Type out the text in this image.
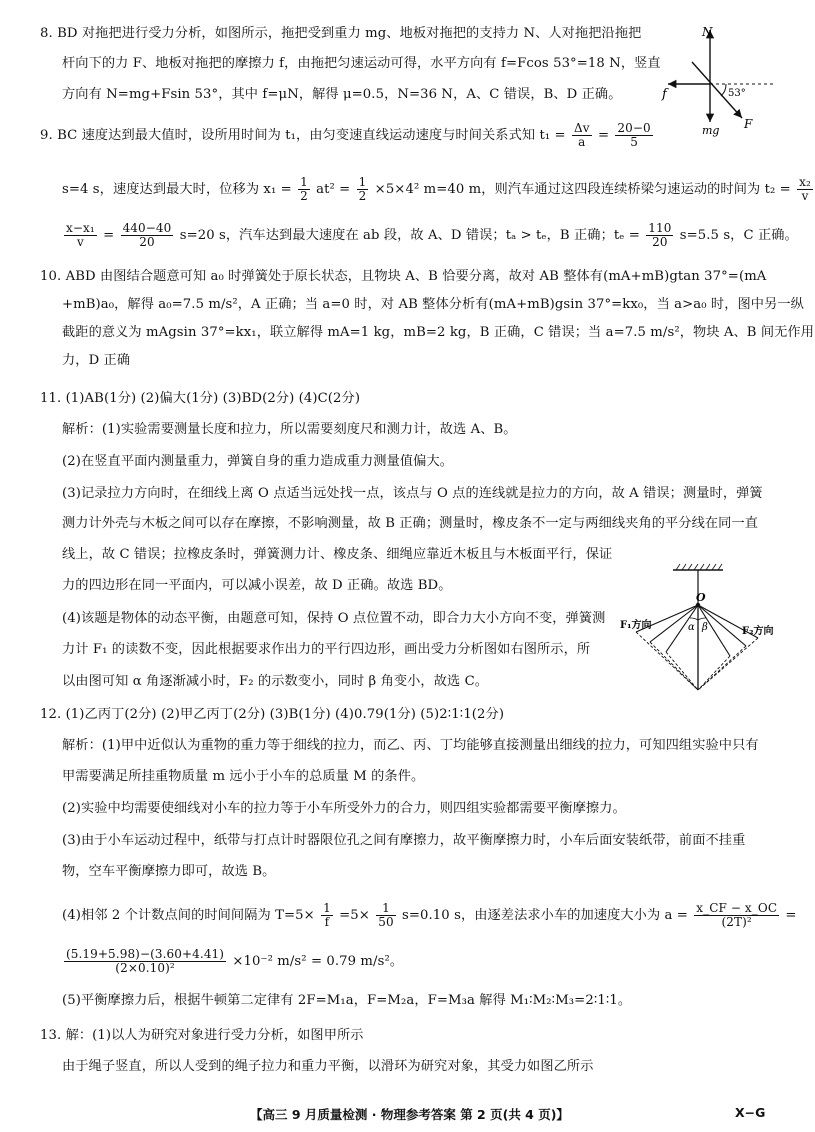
8. BD 对拖把进行受力分析，如图所示，拖把受到重力 mg、地板对拖把的支持力 N、人对拖把沿拖把
杆向下的力 F、地板对拖把的摩擦力 f，由拖把匀速运动可得，水平方向有 f=Fcos 53°=18 N，竖直
方向有 N=mg+Fsin 53°，其中 f=μN，解得 μ=0.5，N=36 N，A、C 错误，B、D 正确。
N
f
F
mg
53°
9. BC 速度达到最大值时，设所用时间为 t₁，由匀变速直线运动速度与时间关系式知 $t_1 = \frac{\Delta v}{a} = \frac{20-0}{5}$
s=4 s，速度达到最大时，位移为 $x_1 = \frac{1}{2} at^2 = \frac{1}{2} \times 5\times 4^2$ m=40 m，则汽车通过这四段连续桥梁匀速运动的时间为 $t_2 = \frac{\text{x₂}}{v}$
$\frac{\text{x−x₁}}{v} = \frac{440-40}{20} s=20$ s，汽车达到最大速度在 ab 段，故 A、D 错误；tₐ > tₑ，B 正确；$t_e = \frac{110}{20} s=5.5$ s，C 正确。
10. ABD 由图结合题意可知 a₀ 时弹簧处于原长状态，且物块 A、B 恰要分离，故对 AB 整体有(mA+mB)gtan 37°=(mA
+mB)a₀，解得 a₀=7.5 m/s²，A 正确；当 a=0 时，对 AB 整体分析有(mA+mB)gsin 37°=kx₀，当 a>a₀ 时，图中另一纵
截距的意义为 mAgsin 37°=kx₁，联立解得 mA=1 kg，mB=2 kg，B 正确，C 错误；当 a=7.5 m/s²，物块 A、B 间无作用
力，D 正确
11. (1)AB(1分) (2)偏大(1分) (3)BD(2分) (4)C(2分)
解析：(1)实验需要测量长度和拉力，所以需要刻度尺和测力计，故选 A、B。
(2)在竖直平面内测量重力，弹簧自身的重力造成重力测量值偏大。
(3)记录拉力方向时，在细线上离 O 点适当远处找一点，该点与 O 点的连线就是拉力的方向，故 A 错误；测量时，弹簧
测力计外壳与木板之间可以存在摩擦，不影响测量，故 B 正确；测量时，橡皮条不一定与两细线夹角的平分线在同一直
线上，故 C 错误；拉橡皮条时，弹簧测力计、橡皮条、细绳应靠近木板且与木板面平行，保证
力的四边形在同一平面内，可以减小误差，故 D 正确。故选 BD。
(4)该题是物体的动态平衡，由题意可知，保持 O 点位置不动，即合力大小方向不变，弹簧测
力计 F₁ 的读数不变，因此根据要求作出力的平行四边形，画出受力分析图如右图所示，所
以由图可知 α 角逐渐减小时，F₂ 的示数变小，同时 β 角变小，故选 C。
O
α β
F₁方向
F₂方向
12. (1)乙丙丁(2分) (2)甲乙丙丁(2分) (3)B(1分) (4)0.79(1分) (5)2∶1∶1(2分)
解析：(1)甲中近似认为重物的重力等于细线的拉力，而乙、丙、丁均能够直接测量出细线的拉力，可知四组实验中只有
甲需要满足所挂重物质量 m 远小于小车的总质量 M 的条件。
(2)实验中均需要使细线对小车的拉力等于小车所受外力的合力，则四组实验都需要平衡摩擦力。
(3)由于小车运动过程中，纸带与打点计时器限位孔之间有摩擦力，故平衡摩擦力时，小车后面安装纸带，前面不挂重
物，空车平衡摩擦力即可，故选 B。
(4)相邻 2 个计数点间的时间间隔为 $T=5\times \frac{1}{f} =5\times \frac{1}{50} s=0.10$ s，由逐差法求小车的加速度大小为 $a = \frac{x\_CF - x\_OC}{\text{(2T)²}}$ =
$\frac{(5.19+5.98)-(3.60+4.41)}{\text{(2×0.10)²}} \times 10^{-2}$ m/s² = 0.79 m/s²。
(5)平衡摩擦力后，根据牛顿第二定律有 2F=M₁a，F=M₂a，F=M₃a 解得 M₁∶M₂∶M₃=2∶1∶1。
13. 解：(1)以人为研究对象进行受力分析，如图甲所示
由于绳子竖直，所以人受到的绳子拉力和重力平衡，以滑环为研究对象，其受力如图乙所示
【高三 9 月质量检测 · 物理参考答案 第 2 页(共 4 页)】	X−G
